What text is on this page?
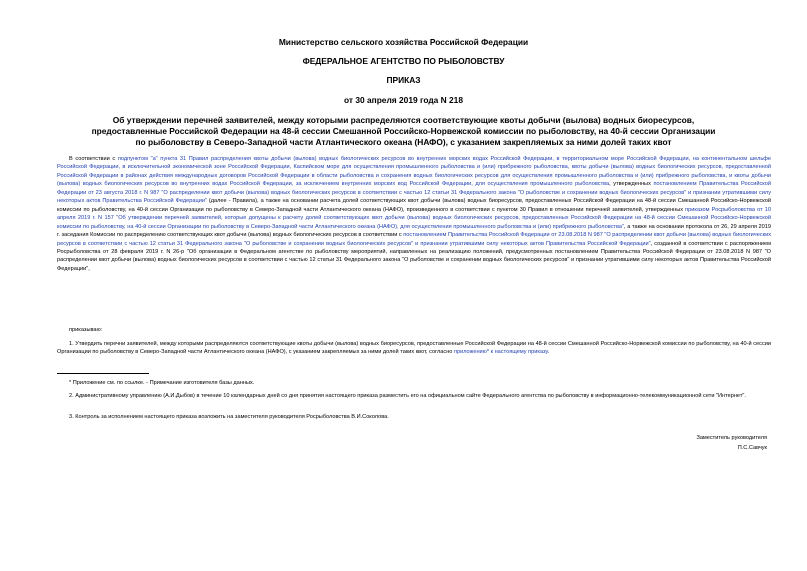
Министерство сельского хозяйства Российской Федерации
ФЕДЕРАЛЬНОЕ АГЕНТСТВО ПО РЫБОЛОВСТВУ
ПРИКАЗ
от 30 апреля 2019 года N 218
Об утверждении перечней заявителей, между которыми распределяются соответствующие квоты добычи (вылова) водных биоресурсов, предоставленные Российской Федерации на 48-й сессии Смешанной Российско-Норвежской комиссии по рыболовству, на 40-й сессии Организации по рыболовству в Северо-Западной части Атлантического океана (НАФО), с указанием закрепляемых за ними долей таких квот
В соответствии с подпунктом "а" пункта 31 Правил распределения квоты добычи (вылова) водных биологических ресурсов во внутренних морских водах Российской Федерации, в территориальном море Российской Федерации, на континентальном шельфе Российской Федерации, в исключительной экономической зоне Российской Федерации, Каспийском море для осуществления промышленного рыболовства и (или) прибрежного рыболовства, квоты добычи (вылова) водных биологических ресурсов, предоставленной Российской Федерации в районах действия международных договоров Российской Федерации в области рыболовства и сохранения водных биологических ресурсов для осуществления промышленного рыболовства и (или) прибрежного рыболовства, и квоты добычи (вылова) водных биологических ресурсов во внутренних водах Российской Федерации, за исключением внутренних морских вод Российской Федерации, для осуществления промышленного рыболовства, утвержденных постановлением Правительства Российской Федерации от 23 августа 2018 г. N 987 "О распределении квот добычи (вылова) водных биологических ресурсов в соответствии с частью 12 статьи 31 Федерального закона "О рыболовстве и сохранении водных биологических ресурсов" и признании утратившими силу некоторых актов Правительства Российской Федерации" (далее - Правила), а также на основании расчета долей соответствующих квот добычи (вылова) водных биоресурсов, предоставленных Российской Федерации на 48-й сессии Смешанной Российско-Норвежской комиссии по рыболовству, на 40-й сессии Организации по рыболовству в Северо-Западной части Атлантического океана (НАФО), произведенного в соответствии с пунктом 30 Правил в отношении перечней заявителей, утвержденных приказом Росрыболовства от 10 апреля 2019 г. N 157 "Об утверждении перечней заявителей, которые допущены к расчету долей соответствующих квот добычи (вылова) водных биологических ресурсов, предоставленных Российской Федерации на 48-й сессии Смешанной Российско-Норвежской комиссии по рыболовству, на 40-й сессии Организации по рыболовству в Северо-Западной части Атлантического океана (НАФО), для осуществления промышленного рыболовства и (или) прибрежного рыболовства", а также на основании протокола от 26, 29 апреля 2019 г. заседания Комиссии по распределению соответствующих квот добычи (вылова) водных биологических ресурсов в соответствии с постановлением Правительства Российской Федерации от 23.08.2018 N 987 "О распределении квот добычи (вылова) водных биологических ресурсов в соответствии с частью 12 статьи 31 Федерального закона "О рыболовстве и сохранении водных биологических ресурсов" и признании утратившими силу некоторых актов Правительства Российской Федерации", созданной в соответствии с распоряжением Росрыболовства от 28 февраля 2019 г. N 26-р "Об организации в Федеральном агентстве по рыболовству мероприятий, направленных на реализацию положений, предусмотренных постановлением Правительства Российской Федерации от 23.08.2018 N 987 "О распределении квот добычи (вылова) водных биологических ресурсов в соответствии с частью 12 статьи 31 Федерального закона "О рыболовстве и сохранении водных биологических ресурсов" и признании утратившими силу некоторых актов Правительства Российской Федерации",
приказываю:
1. Утвердить перечни заявителей, между которыми распределяются соответствующие квоты добычи (вылова) водных биоресурсов, предоставленные Российской Федерации на 48-й сессии Смешанной Российско-Норвежской комиссии по рыболовству, на 40-й сессии Организации по рыболовству в Северо-Западной части Атлантического океана (НАФО), с указанием закрепляемых за ними долей таких квот, согласно приложению* к настоящему приказу.
* Приложение см. по ссылке. - Примечание изготовителя базы данных.
2. Административному управлению (А.И.Дыбов) в течение 10 календарных дней со дня принятия настоящего приказа разместить его на официальном сайте Федерального агентства по рыболовству в информационно-телекоммуникационной сети "Интернет".
3. Контроль за исполнением настоящего приказа возложить на заместителя руководителя Росрыболовства В.И.Соколова.
Заместитель руководителя
П.С.Савчук
